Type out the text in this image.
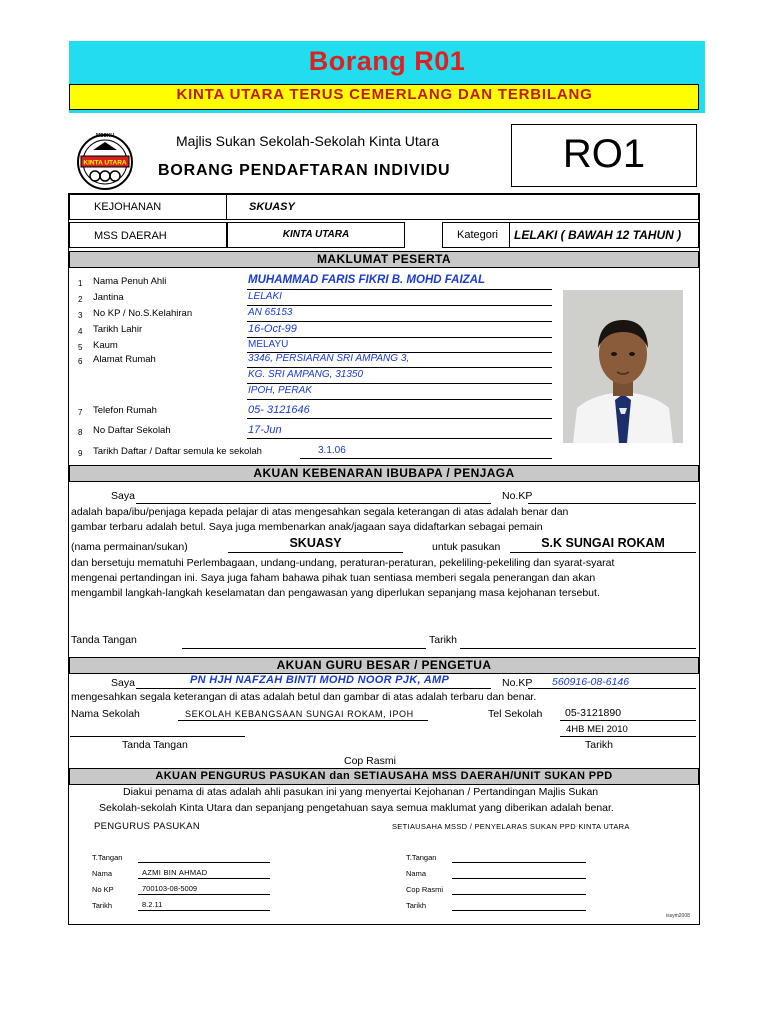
Borang R01
KINTA UTARA TERUS CEMERLANG DAN TERBILANG
KINTA UTARA
MSSKU	Majlis Sukan Sekolah-Sekolah Kinta Utara
BORANG PENDAFTARAN INDIVIDU	RO1
KEJOHANAN	SKUASY
MSS DAERAH	KINTA UTARA	Kategori LELAKI ( BAWAH 12 TAHUN )
MAKLUMAT PESERTA
1 Nama Penuh Ahli	MUHAMMAD FARIS FIKRI B. MOHD FAIZAL
2 Jantina	LELAKI
3 No KP / No.S.Kelahiran	AN 65153
4 Tarikh Lahir	16-Oct-99
5 Kaum	MELAYU
6 Alamat Rumah	3346, PERSIARAN SRI AMPANG 3,
KG. SRI AMPANG, 31350
IPOH, PERAK
7 Telefon Rumah	05- 3121646
8 No Daftar Sekolah	17-Jun
9 Tarikh Daftar / Daftar semula ke sekolah	3.1.06
AKUAN KEBENARAN IBUBAPA / PENJAGA
Saya	No.KP
adalah bapa/ibu/penjaga kepada pelajar di atas mengesahkan segala keterangan di atas adalah benar dan
gambar terbaru adalah betul. Saya juga membenarkan anak/jagaan saya didaftarkan sebagai pemain
(nama permainan/sukan)	SKUASY	untuk pasukan	S.K SUNGAI ROKAM
dan bersetuju mematuhi Perlembagaan, undang-undang, peraturan-peraturan, pekeliling-pekeliling dan syarat-syarat
mengenai pertandingan ini. Saya juga faham bahawa pihak tuan sentiasa memberi segala penerangan dan akan
mengambil langkah-langkah keselamatan dan pengawasan yang diperlukan sepanjang masa kejohanan tersebut.
Tanda Tangan	Tarikh
AKUAN GURU BESAR / PENGETUA
Saya	PN HJH NAFZAH BINTI MOHD NOOR PJK, AMP	No.KP 560916-08-6146
mengesahkan segala keterangan di atas adalah betul dan gambar di atas adalah terbaru dan benar.
Nama Sekolah	SEKOLAH KEBANGSAAN SUNGAI ROKAM, IPOH	Tel Sekolah 05-3121890
4HB MEI 2010
Tanda Tangan	Tarikh
Cop Rasmi
AKUAN PENGURUS PASUKAN dan SETIAUSAHA MSS DAERAH/UNIT SUKAN PPD
Diakui penama di atas adalah ahli pasukan ini yang menyertai Kejohanan / Pertandingan Majlis Sukan
Sekolah-sekolah Kinta Utara dan sepanjang pengetahuan saya semua maklumat yang diberikan adalah benar.
PENGURUS PASUKAN	SETIAUSAHA MSSD / PENYELARAS SUKAN PPD KINTA UTARA
T.Tangan
Nama	AZMI BIN AHMAD
No KP	700103-08-5009
Tarikh	8.2.11
T.Tangan
Nama
Cop Rasmi
Tarikh
issym2008
